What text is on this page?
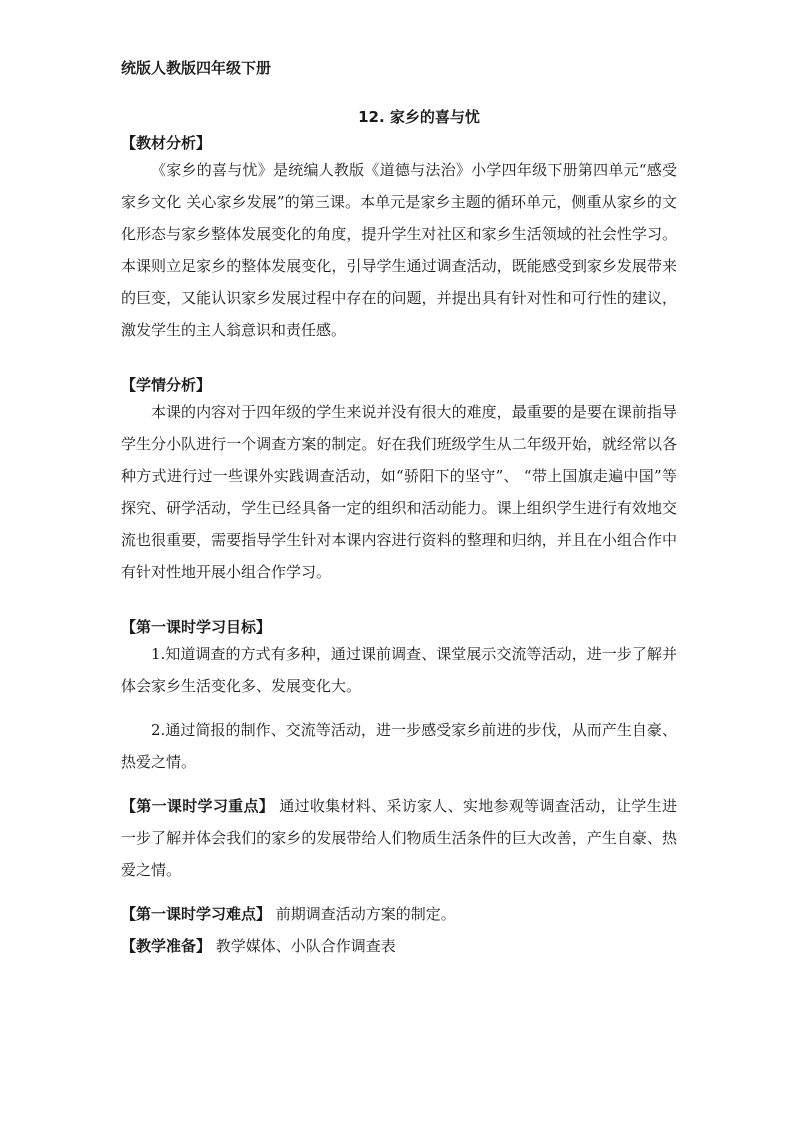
统版人教版四年级下册

12. 家乡的喜与忧

【教材分析】

《家乡的喜与忧》是统编人教版《道德与法治》小学四年级下册第四单元“感受家乡文化 关心家乡发展”的第三课。本单元是家乡主题的循环单元，侧重从家乡的文化形态与家乡整体发展变化的角度，提升学生对社区和家乡生活领域的社会性学习。本课则立足家乡的整体发展变化，引导学生通过调查活动，既能感受到家乡发展带来的巨变，又能认识家乡发展过程中存在的问题，并提出具有针对性和可行性的建议，激发学生的主人翁意识和责任感。

【学情分析】

本课的内容对于四年级的学生来说并没有很大的难度，最重要的是要在课前指导学生分小队进行一个调查方案的制定。好在我们班级学生从二年级开始，就经常以各种方式进行过一些课外实践调查活动，如“骄阳下的坚守”、 “带上国旗走遍中国”等探究、研学活动，学生已经具备一定的组织和活动能力。课上组织学生进行有效地交流也很重要，需要指导学生针对本课内容进行资料的整理和归纳，并且在小组合作中有针对性地开展小组合作学习。

【第一课时学习目标】

1.知道调查的方式有多种，通过课前调查、课堂展示交流等活动，进一步了解并体会家乡生活变化多、发展变化大。

2.通过简报的制作、交流等活动，进一步感受家乡前进的步伐，从而产生自豪、热爱之情。

【第一课时学习重点】 通过收集材料、采访家人、实地参观等调查活动，让学生进一步了解并体会我们的家乡的发展带给人们物质生活条件的巨大改善，产生自豪、热爱之情。

【第一课时学习难点】 前期调查活动方案的制定。

【教学准备】 教学媒体、小队合作调查表
